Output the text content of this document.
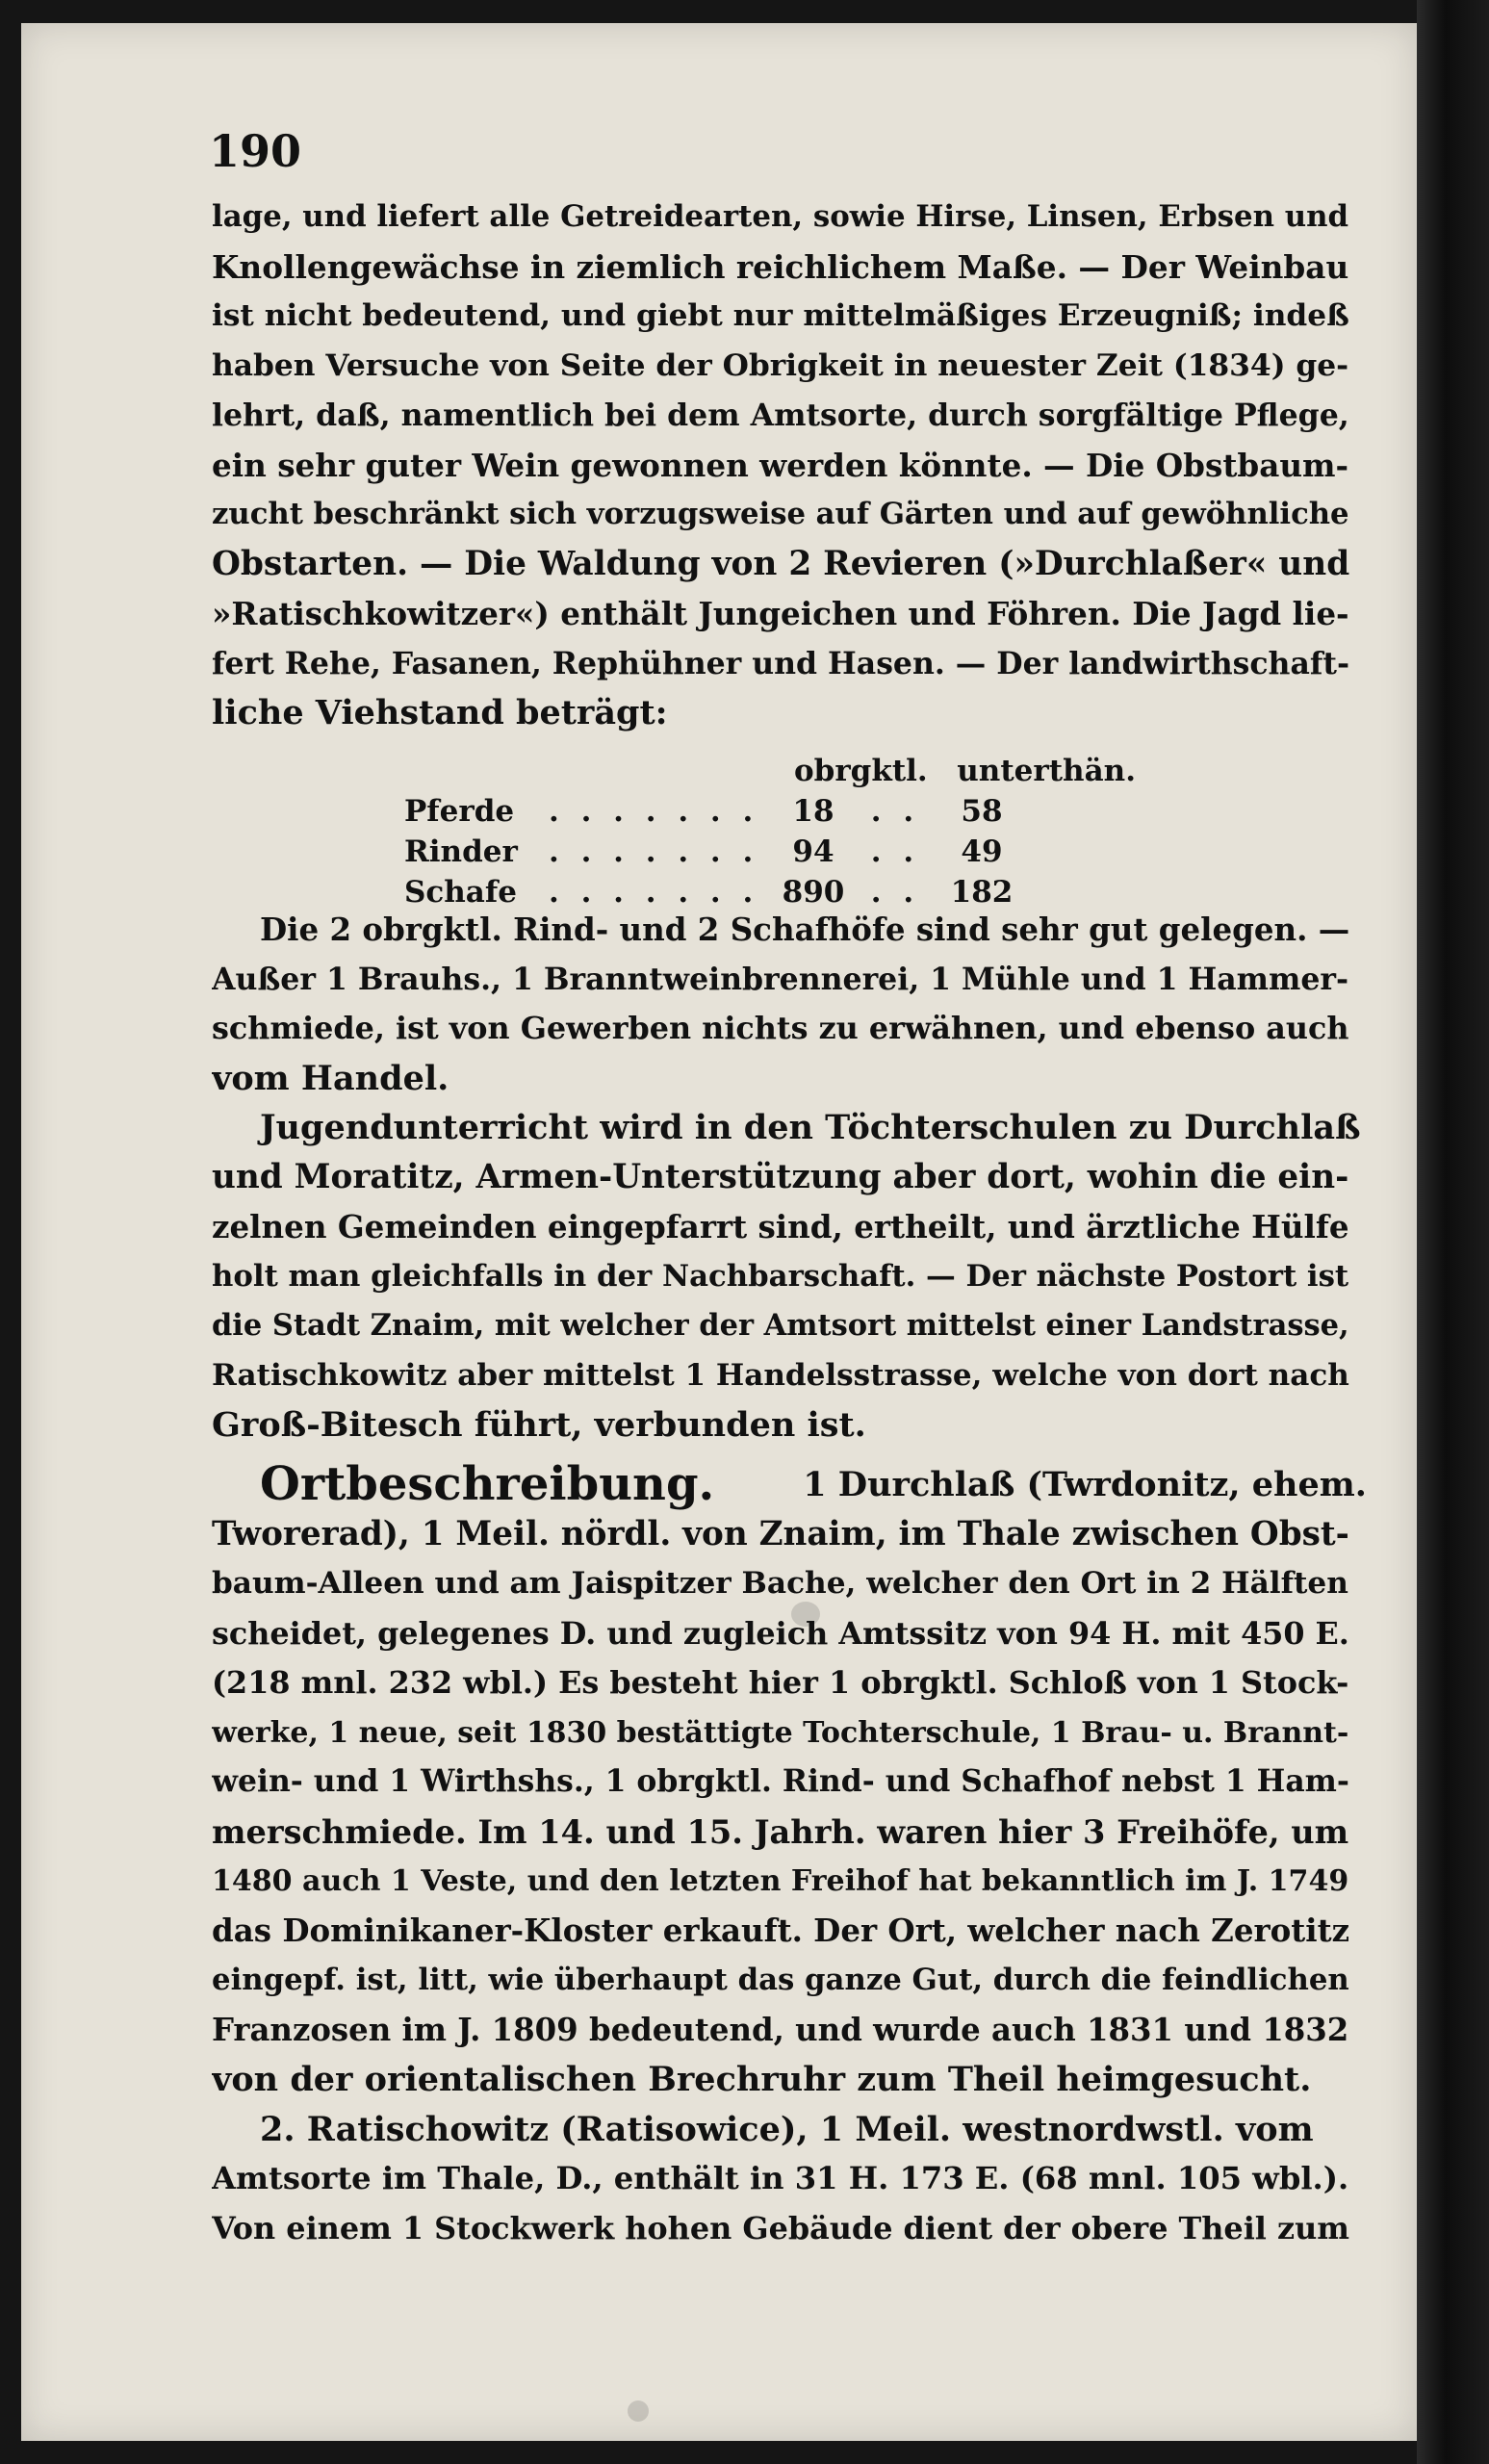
190
lage, und liefert alle Getreidearten, sowie Hirse, Linsen, Erbsen und
Knollengewächse in ziemlich reichlichem Maße. — Der Weinbau
ist nicht bedeutend, und giebt nur mittelmäßiges Erzeugniß; indeß
haben Versuche von Seite der Obrigkeit in neuester Zeit (1834) ge-
lehrt, daß, namentlich bei dem Amtsorte, durch sorgfältige Pflege,
ein sehr guter Wein gewonnen werden könnte. — Die Obstbaum-
zucht beschränkt sich vorzugsweise auf Gärten und auf gewöhnliche
Obstarten. — Die Waldung von 2 Revieren (»Durchlaßer« und
»Ratischkowitzer«) enthält Jungeichen und Föhren. Die Jagd lie-
fert Rehe, Fasanen, Rephühner und Hasen. — Der landwirthschaft-
liche Viehstand beträgt:
obrgktl. unterthän.
Pferde	. . . . . . .	18	. .	58
Rinder	. . . . . . .	94	. .	49
Schafe	. . . . . . . 890 . .	182
Die 2 obrgktl. Rind- und 2 Schafhöfe sind sehr gut gelegen. —
Außer 1 Brauhs., 1 Branntweinbrennerei, 1 Mühle und 1 Hammer-
schmiede, ist von Gewerben nichts zu erwähnen, und ebenso auch
vom Handel.
Jugendunterricht wird in den Töchterschulen zu Durchlaß
und Moratitz, Armen-Unterstützung aber dort, wohin die ein-
zelnen Gemeinden eingepfarrt sind, ertheilt, und ärztliche Hülfe
holt man gleichfalls in der Nachbarschaft. — Der nächste Postort ist
die Stadt Znaim, mit welcher der Amtsort mittelst einer Landstrasse,
Ratischkowitz aber mittelst 1 Handelsstrasse, welche von dort nach
Groß-Bitesch führt, verbunden ist.
Ortbeschreibung.	1 Durchlaß (Twrdonitz, ehem.
Tworerad), 1 Meil. nördl. von Znaim, im Thale zwischen Obst-
baum-Alleen und am Jaispitzer Bache, welcher den Ort in 2 Hälften
scheidet, gelegenes D. und zugleich Amtssitz von 94 H. mit 450 E.
(218 mnl. 232 wbl.) Es besteht hier 1 obrgktl. Schloß von 1 Stock-
werke, 1 neue, seit 1830 bestättigte Tochterschule, 1 Brau- u. Brannt-
wein- und 1 Wirthshs., 1 obrgktl. Rind- und Schafhof nebst 1 Ham-
merschmiede. Im 14. und 15. Jahrh. waren hier 3 Freihöfe, um
1480 auch 1 Veste, und den letzten Freihof hat bekanntlich im J. 1749
das Dominikaner-Kloster erkauft. Der Ort, welcher nach Zerotitz
eingepf. ist, litt, wie überhaupt das ganze Gut, durch die feindlichen
Franzosen im J. 1809 bedeutend, und wurde auch 1831 und 1832
von der orientalischen Brechruhr zum Theil heimgesucht.
2. Ratischowitz (Ratisowice), 1 Meil. westnordwstl. vom
Amtsorte im Thale, D., enthält in 31 H. 173 E. (68 mnl. 105 wbl.).
Von einem 1 Stockwerk hohen Gebäude dient der obere Theil zum
